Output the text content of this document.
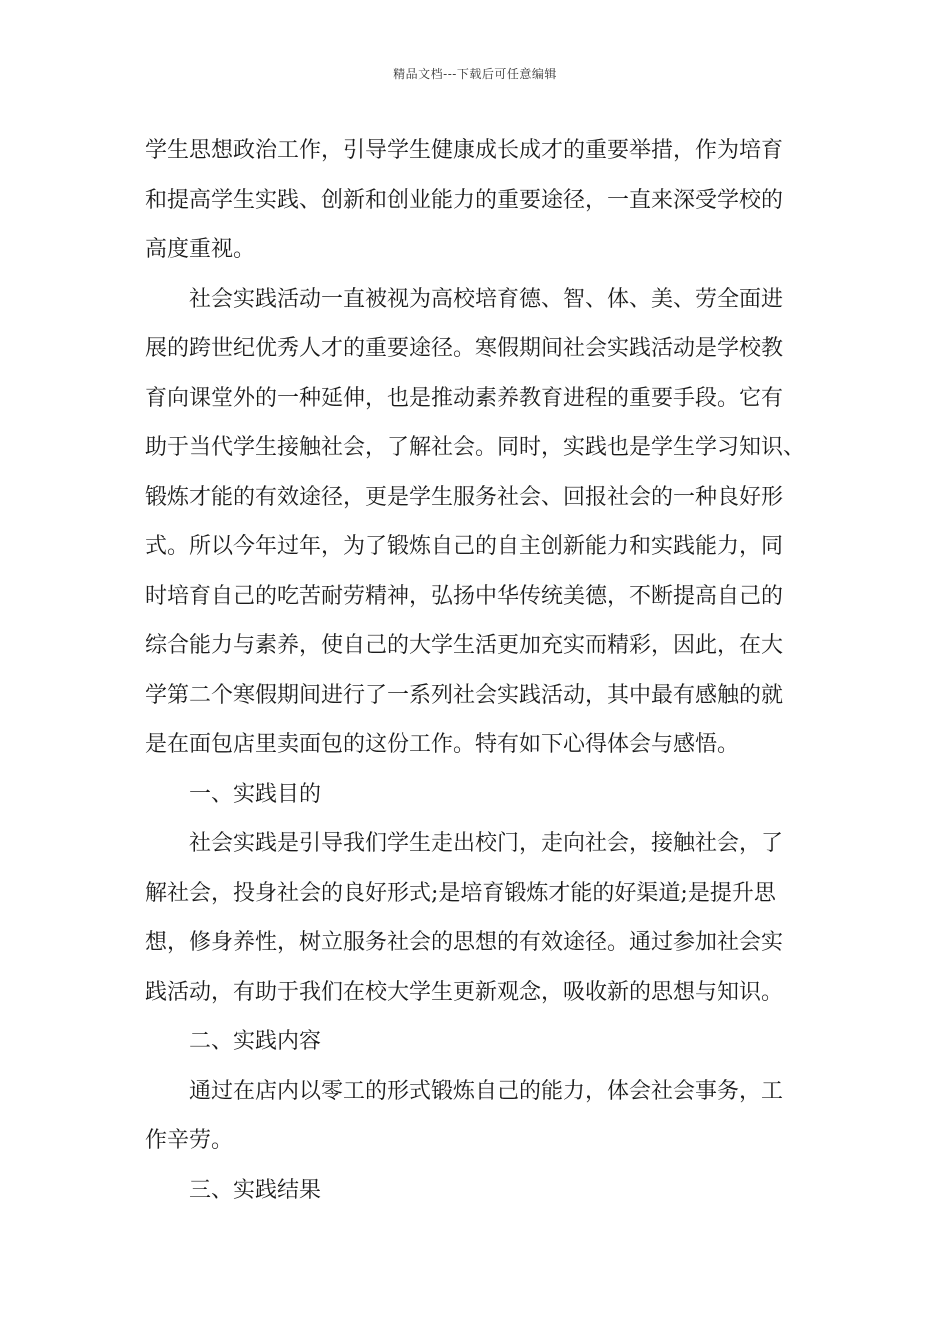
精品文档---下载后可任意编辑
学生思想政治工作，引导学生健康成长成才的重要举措，作为培育
和提高学生实践、创新和创业能力的重要途径，一直来深受学校的
高度重视。
社会实践活动一直被视为高校培育德、智、体、美、劳全面进
展的跨世纪优秀人才的重要途径。寒假期间社会实践活动是学校教
育向课堂外的一种延伸，也是推动素养教育进程的重要手段。它有
助于当代学生接触社会，了解社会。同时，实践也是学生学习知识、
锻炼才能的有效途径，更是学生服务社会、回报社会的一种良好形
式。所以今年过年，为了锻炼自己的自主创新能力和实践能力，同
时培育自己的吃苦耐劳精神，弘扬中华传统美德，不断提高自己的
综合能力与素养，使自己的大学生活更加充实而精彩，因此，在大
学第二个寒假期间进行了一系列社会实践活动，其中最有感触的就
是在面包店里卖面包的这份工作。特有如下心得体会与感悟。
一、实践目的
社会实践是引导我们学生走出校门，走向社会，接触社会，了
解社会，投身社会的良好形式;是培育锻炼才能的好渠道;是提升思
想，修身养性，树立服务社会的思想的有效途径。通过参加社会实
践活动，有助于我们在校大学生更新观念，吸收新的思想与知识。
二、实践内容
通过在店内以零工的形式锻炼自己的能力，体会社会事务，工
作辛劳。
三、实践结果
